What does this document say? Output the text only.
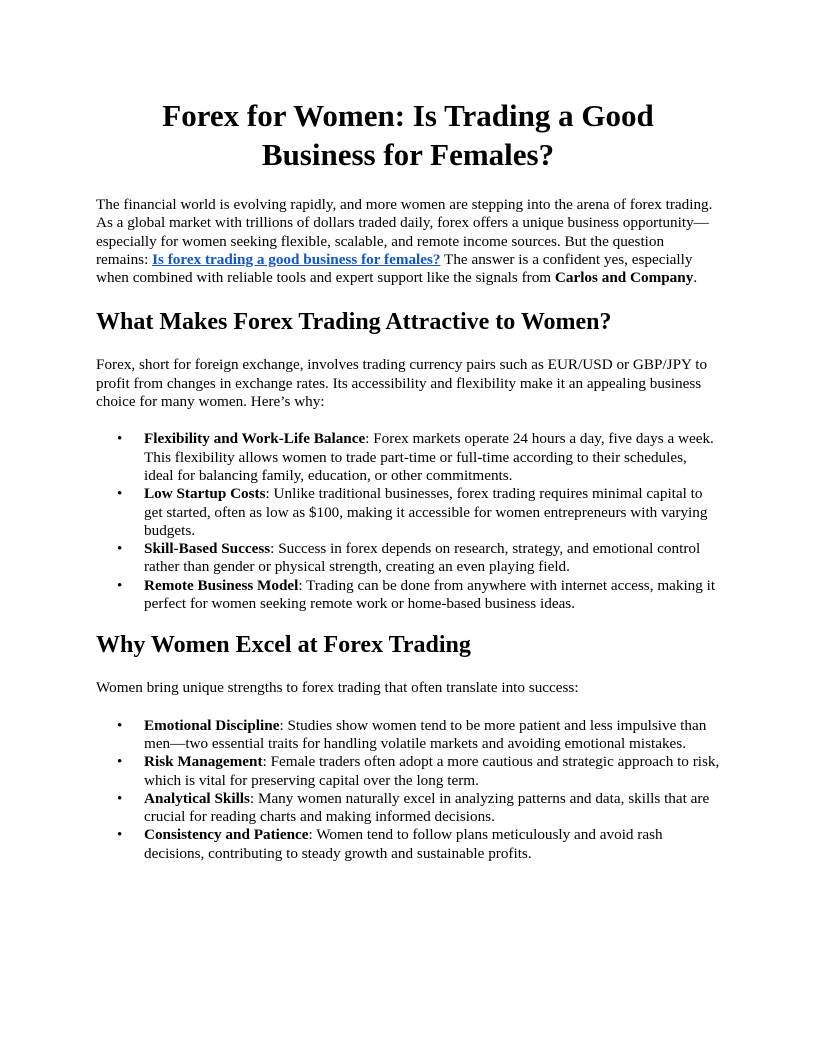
Forex for Women: Is Trading a Good Business for Females?

The financial world is evolving rapidly, and more women are stepping into the arena of forex trading. As a global market with trillions of dollars traded daily, forex offers a unique business opportunity—especially for women seeking flexible, scalable, and remote income sources. But the question remains: Is forex trading a good business for females? The answer is a confident yes, especially when combined with reliable tools and expert support like the signals from Carlos and Company.

What Makes Forex Trading Attractive to Women?

Forex, short for foreign exchange, involves trading currency pairs such as EUR/USD or GBP/JPY to profit from changes in exchange rates. Its accessibility and flexibility make it an appealing business choice for many women. Here’s why:

• Flexibility and Work-Life Balance: Forex markets operate 24 hours a day, five days a week. This flexibility allows women to trade part-time or full-time according to their schedules, ideal for balancing family, education, or other commitments.
• Low Startup Costs: Unlike traditional businesses, forex trading requires minimal capital to get started, often as low as $100, making it accessible for women entrepreneurs with varying budgets.
• Skill-Based Success: Success in forex depends on research, strategy, and emotional control rather than gender or physical strength, creating an even playing field.
• Remote Business Model: Trading can be done from anywhere with internet access, making it perfect for women seeking remote work or home-based business ideas.
Why Women Excel at Forex Trading

Women bring unique strengths to forex trading that often translate into success:

• Emotional Discipline: Studies show women tend to be more patient and less impulsive than men—two essential traits for handling volatile markets and avoiding emotional mistakes.
• Risk Management: Female traders often adopt a more cautious and strategic approach to risk, which is vital for preserving capital over the long term.
• Analytical Skills: Many women naturally excel in analyzing patterns and data, skills that are crucial for reading charts and making informed decisions.
• Consistency and Patience: Women tend to follow plans meticulously and avoid rash decisions, contributing to steady growth and sustainable profits.
